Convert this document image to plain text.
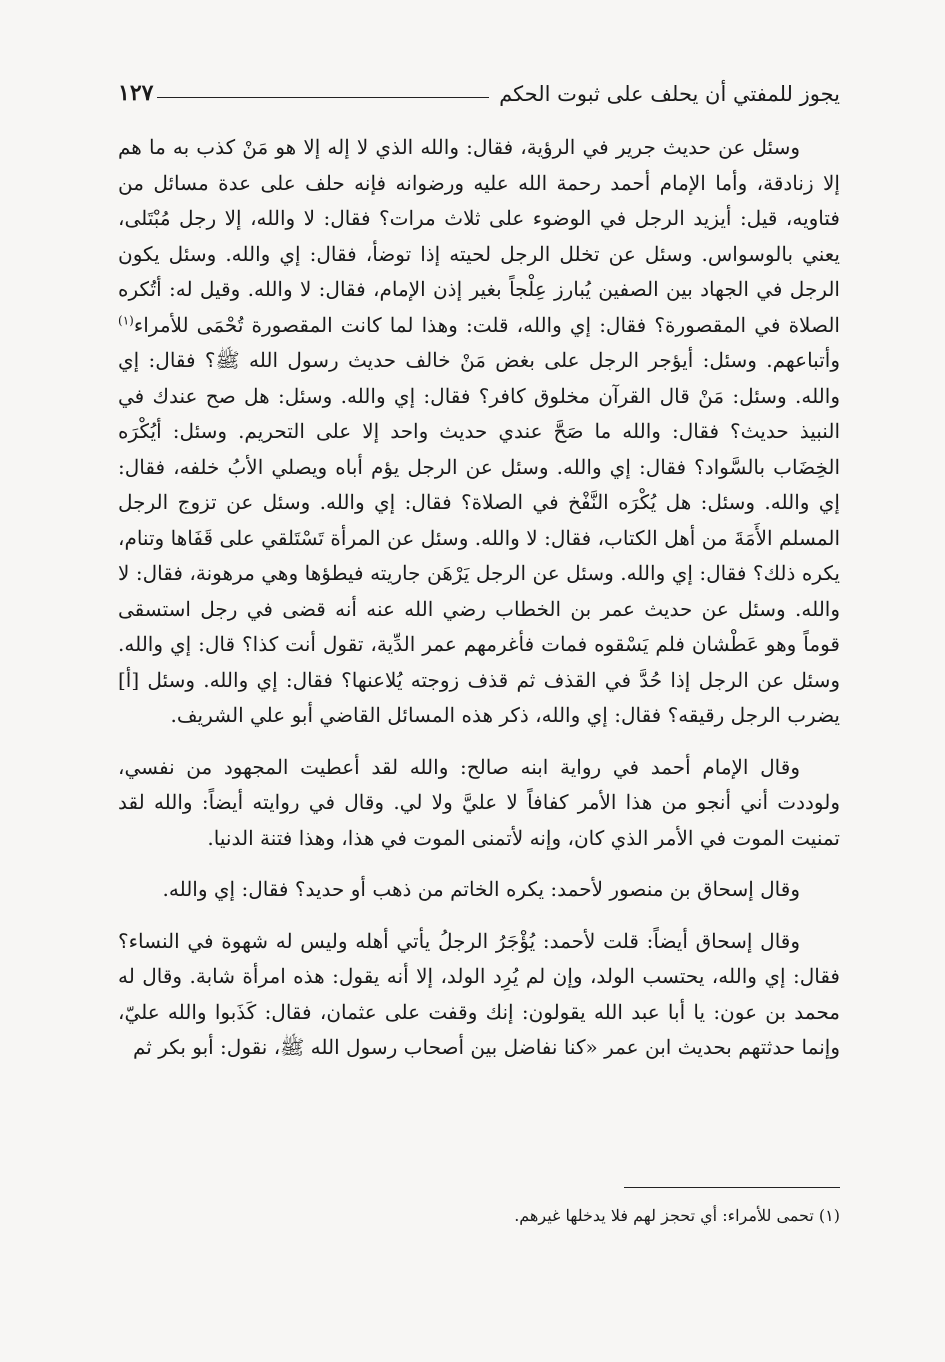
يجوز للمفتي أن يحلف على ثبوت الحكم
١٢٧

وسئل عن حديث جرير في الرؤية، فقال: والله الذي لا إله إلا هو مَنْ كذب به ما هم إلا زنادقة، وأما الإمام أحمد رحمة الله عليه ورضوانه فإنه حلف على عدة مسائل من فتاويه، قيل: أيزيد الرجل في الوضوء على ثلاث مرات؟ فقال: لا والله، إلا رجل مُبْتَلى، يعني بالوسواس. وسئل عن تخلل الرجل لحيته إذا توضأ، فقال: إي والله. وسئل يكون الرجل في الجهاد بين الصفين يُبارز عِلْجاً بغير إذن الإمام، فقال: لا والله. وقيل له: أتُكره الصلاة في المقصورة؟ فقال: إي والله، قلت: وهذا لما كانت المقصورة تُحْمَى للأمراء$^{(١)}$ وأتباعهم. وسئل: أيؤجر الرجل على بغض مَنْ خالف حديث رسول الله ﷺ؟ فقال: إي والله. وسئل: مَنْ قال القرآن مخلوق كافر؟ فقال: إي والله. وسئل: هل صح عندك في النبيذ حديث؟ فقال: والله ما صَحَّ عندي حديث واحد إلا على التحريم. وسئل: أيُكْرَه الخِضَاب بالسَّواد؟ فقال: إي والله. وسئل عن الرجل يؤم أباه ويصلي الأبُ خلفه، فقال: إي والله. وسئل: هل يُكْرَه النَّفْخ في الصلاة؟ فقال: إي والله. وسئل عن تزوج الرجل المسلم الأَمَةَ من أهل الكتاب، فقال: لا والله. وسئل عن المرأة تَسْتَلقي على قَفَاها وتنام، يكره ذلك؟ فقال: إي والله. وسئل عن الرجل يَرْهَن جاريته فيطؤها وهي مرهونة، فقال: لا والله. وسئل عن حديث عمر بن الخطاب رضي الله عنه أنه قضى في رجل استسقى قوماً وهو عَطْشان فلم يَسْقوه فمات فأغرمهم عمر الدِّية، تقول أنت كذا؟ قال: إي والله. وسئل عن الرجل إذا حُدَّ في القذف ثم قذف زوجته يُلاعنها؟ فقال: إي والله. وسئل [أ] يضرب الرجل رقيقه؟ فقال: إي والله، ذكر هذه المسائل القاضي أبو علي الشريف.

وقال الإمام أحمد في رواية ابنه صالح: والله لقد أعطيت المجهود من نفسي، ولوددت أني أنجو من هذا الأمر كفافاً لا عليَّ ولا لي. وقال في روايته أيضاً: والله لقد تمنيت الموت في الأمر الذي كان، وإنه لأتمنى الموت في هذا، وهذا فتنة الدنيا.

وقال إسحاق بن منصور لأحمد: يكره الخاتم من ذهب أو حديد؟ فقال: إي والله.

وقال إسحاق أيضاً: قلت لأحمد: يُؤْجَرُ الرجلُ يأتي أهله وليس له شهوة في النساء؟ فقال: إي والله، يحتسب الولد، وإن لم يُرِد الولد، إلا أنه يقول: هذه امرأة شابة. وقال له محمد بن عون: يا أبا عبد الله يقولون: إنك وقفت على عثمان، فقال: كَذَبوا والله عليّ، وإنما حدثتهم بحديث ابن عمر «كنا نفاضل بين أصحاب رسول الله ﷺ، نقول: أبو بكر ثم

(١) تحمى للأمراء: أي تحجز لهم فلا يدخلها غيرهم.
